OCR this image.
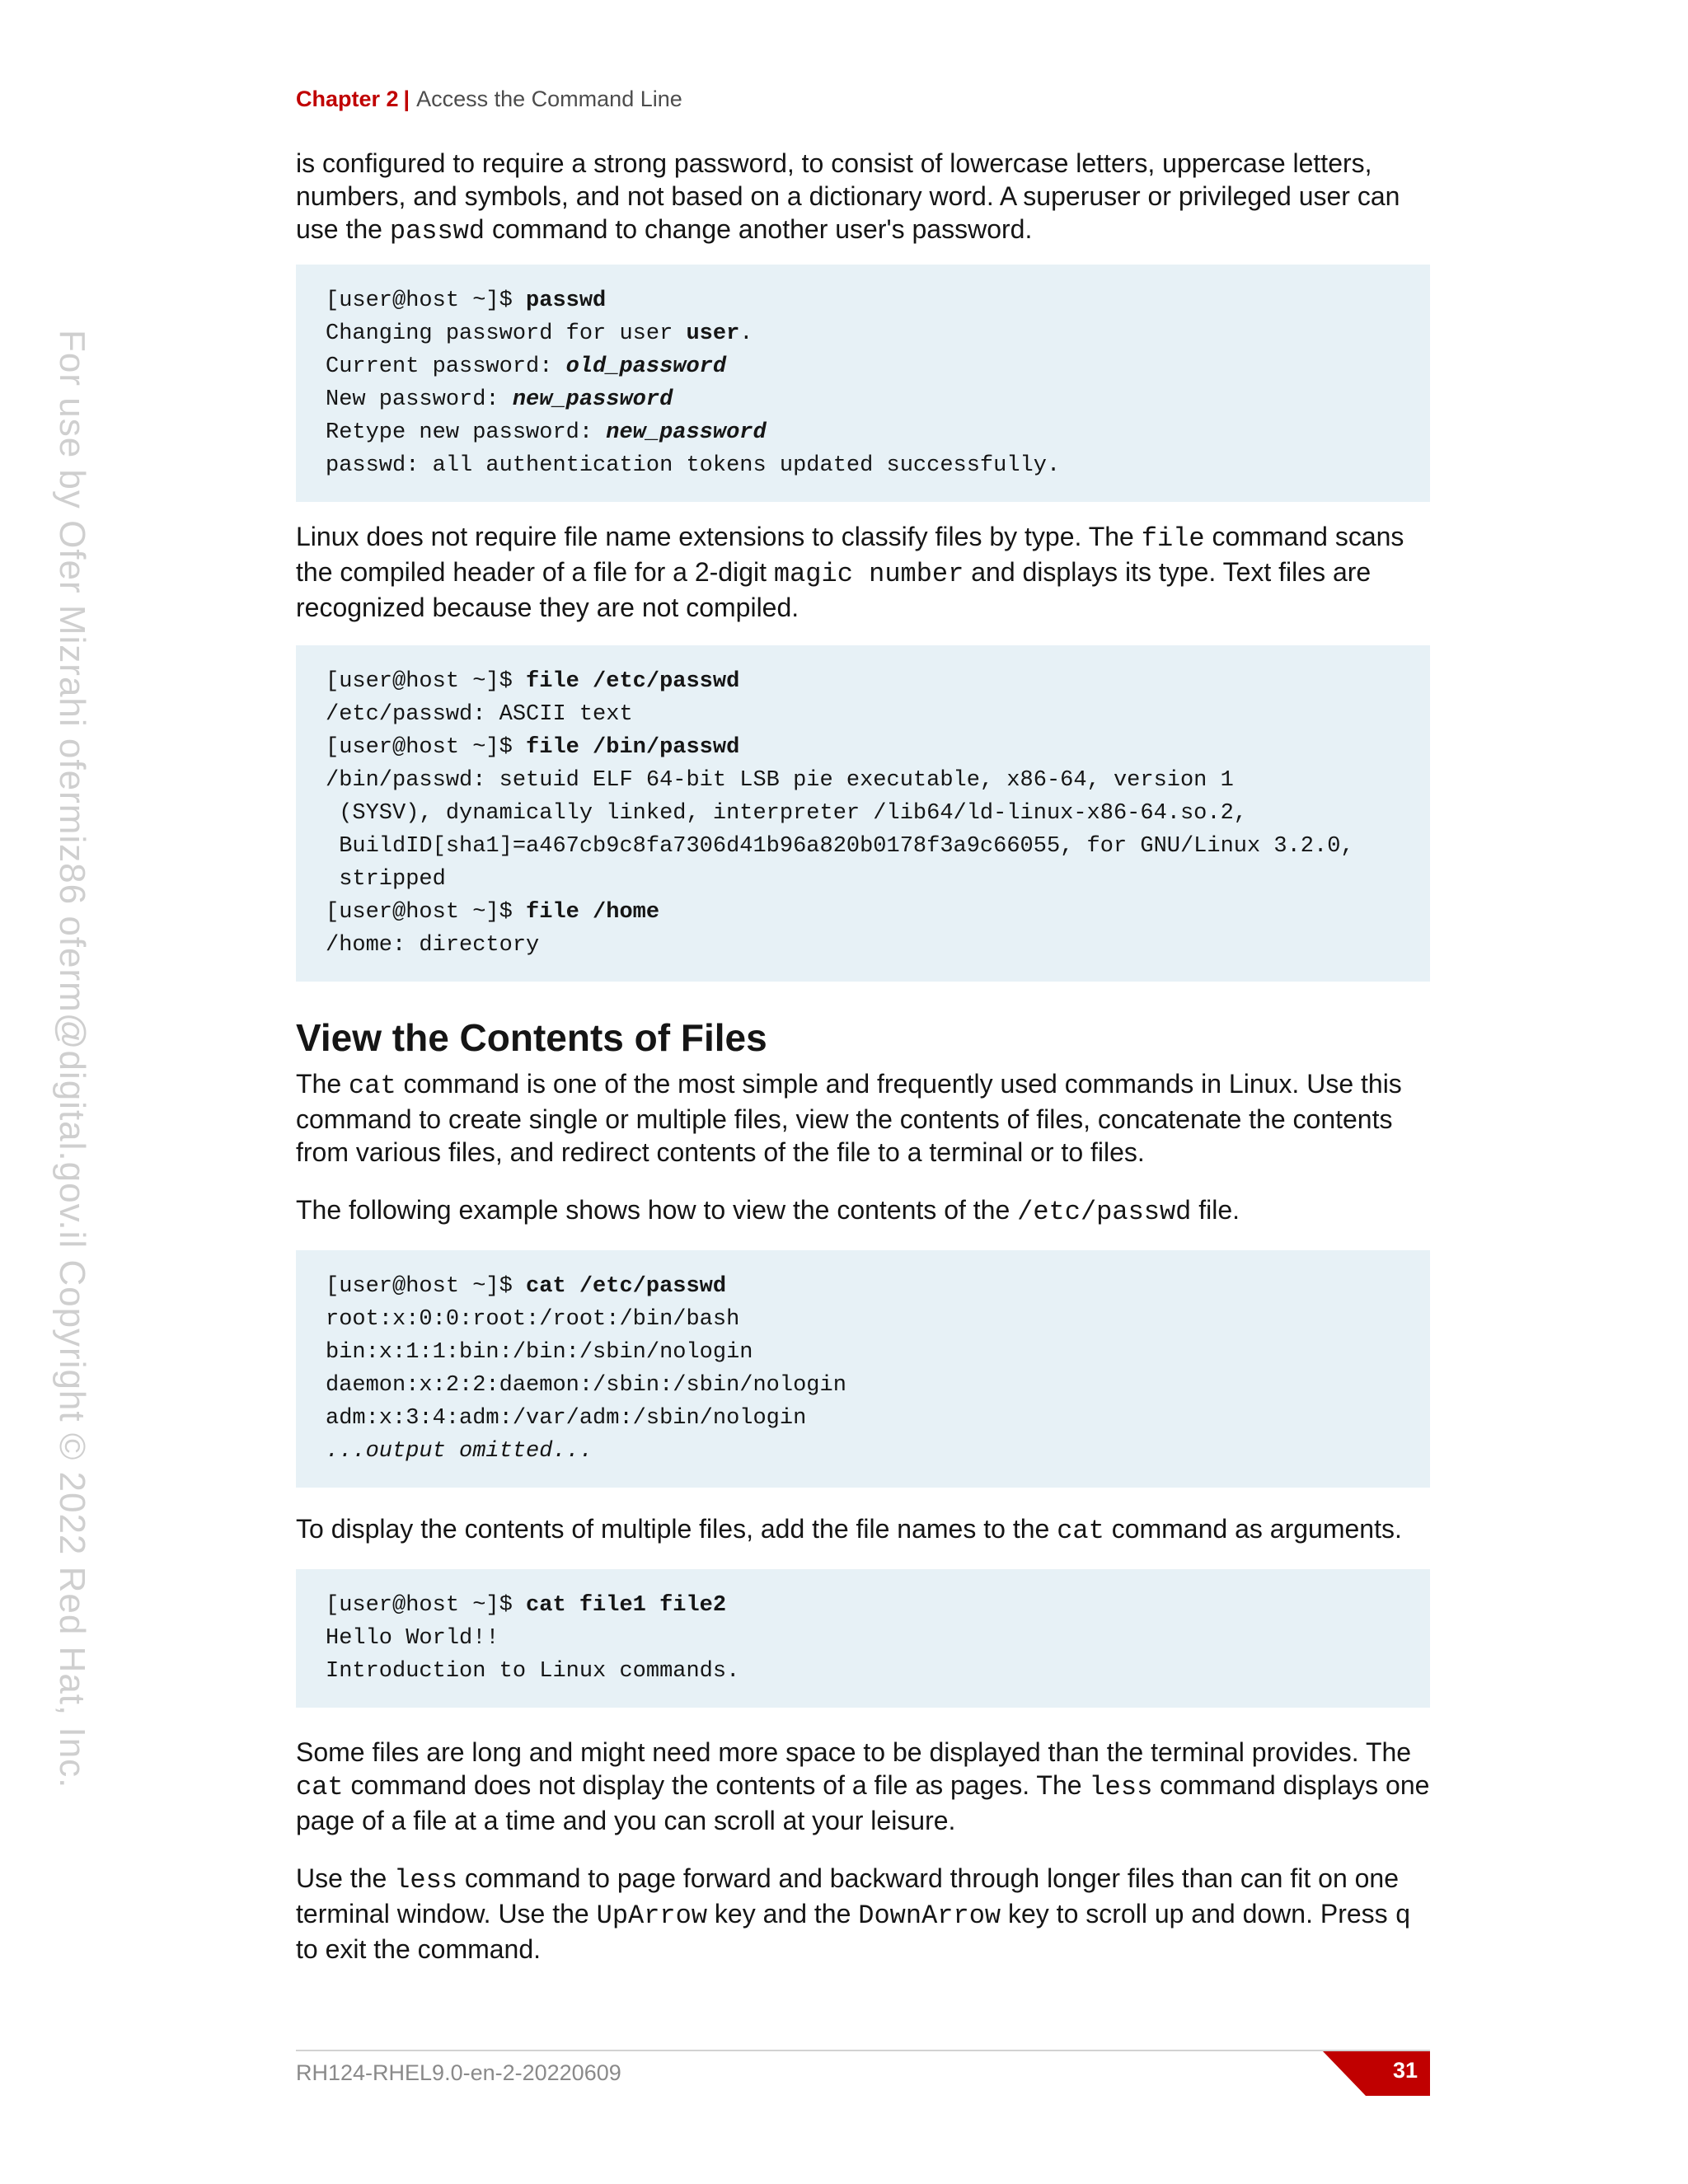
Chapter 2 | Access the Command Line
For use by Ofer Mizrahi ofermiz86 oferm@digital.gov.il Copyright © 2022 Red Hat, Inc.

is configured to require a strong password, to consist of lowercase letters, uppercase letters, numbers, and symbols, and not based on a dictionary word. A superuser or privileged user can use the passwd command to change another user's password.

[user@host ~]$ passwd
Changing password for user user.
Current password: old_password
New password: new_password
Retype new password: new_password
passwd: all authentication tokens updated successfully.

Linux does not require file name extensions to classify files by type. The file command scans the compiled header of a file for a 2-digit magic number and displays its type. Text files are recognized because they are not compiled.

[user@host ~]$ file /etc/passwd
/etc/passwd: ASCII text
[user@host ~]$ file /bin/passwd
/bin/passwd: setuid ELF 64-bit LSB pie executable, x86-64, version 1
(SYSV), dynamically linked, interpreter /lib64/ld-linux-x86-64.so.2,
BuildID[sha1]=a467cb9c8fa7306d41b96a820b0178f3a9c66055, for GNU/Linux 3.2.0,
stripped
[user@host ~]$ file /home
/home: directory
View the Contents of Files

The cat command is one of the most simple and frequently used commands in Linux. Use this command to create single or multiple files, view the contents of files, concatenate the contents from various files, and redirect contents of the file to a terminal or to files.

The following example shows how to view the contents of the /etc/passwd file.

[user@host ~]$ cat /etc/passwd
root:x:0:0:root:/root:/bin/bash
bin:x:1:1:bin:/bin:/sbin/nologin
daemon:x:2:2:daemon:/sbin:/sbin/nologin
adm:x:3:4:adm:/var/adm:/sbin/nologin
...output omitted...

To display the contents of multiple files, add the file names to the cat command as arguments.

[user@host ~]$ cat file1 file2
Hello World!!
Introduction to Linux commands.

Some files are long and might need more space to be displayed than the terminal provides. The cat command does not display the contents of a file as pages. The less command displays one page of a file at a time and you can scroll at your leisure.

Use the less command to page forward and backward through longer files than can fit on one terminal window. Use the UpArrow key and the DownArrow key to scroll up and down. Press q to exit the command.

RH124-RHEL9.0-en-2-20220609	31
